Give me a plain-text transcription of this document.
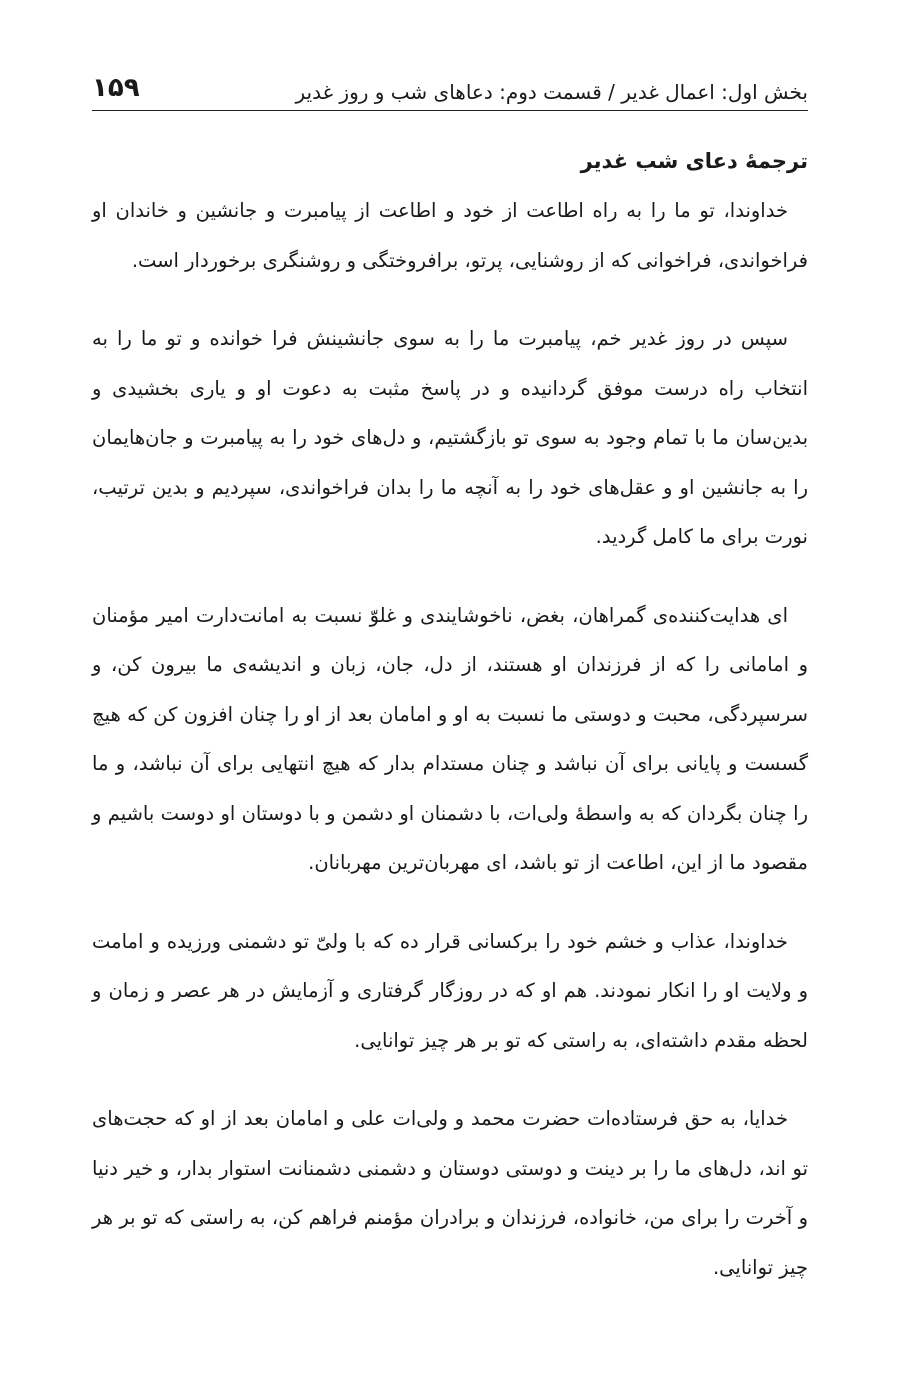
بخش اول: اعمال غدیر / قسمت دوم: دعاهای شب و روز غدیر
۱۵۹
ترجمهٔ دعای شب غدیر

خداوندا، تو ما را به راه اطاعت از خود و اطاعت از پیامبرت و جانشین و خاندان او فراخواندی، فراخوانی که از روشنایی، پرتو، برافروختگی و روشنگری برخوردار است.

سپس در روز غدیر خم، پیامبرت ما را به سوی جانشینش فرا خوانده و تو ما را به انتخاب راه درست موفق گردانیده و در پاسخ مثبت به دعوت او و یاری بخشیدی و بدین‌سان ما با تمام وجود به سوی تو بازگشتیم، و دل‌های خود را به پیامبرت و جان‌هایمان را به جانشین او و عقل‌های خود را به آنچه ما را بدان فراخواندی، سپردیم و بدین ترتیب، نورت برای ما کامل گردید.

ای هدایت‌کننده‌ی گمراهان، بغض، ناخوشایندی و غلوّ نسبت به امانت‌دارت امیر مؤمنان و امامانی را که از فرزندان او هستند، از دل، جان، زبان و اندیشه‌ی ما بیرون کن، و سرسپردگی، محبت و دوستی ما نسبت به او و امامان بعد از او را چنان افزون کن که هیچ گسست و پایانی برای آن نباشد و چنان مستدام بدار که هیچ انتهایی برای آن نباشد، و ما را چنان بگردان که به واسطهٔ ولی‌ات، با دشمنان او دشمن و با دوستان او دوست باشیم و مقصود ما از این، اطاعت از تو باشد، ای مهربان‌ترین مهربانان.

خداوندا، عذاب و خشم خود را برکسانی قرار ده که با ولیّ تو دشمنی ورزیده و امامت و ولایت او را انکار نمودند. هم او که در روزگار گرفتاری و آزمایش در هر عصر و زمان و لحظه مقدم داشته‌ای، به راستی که تو بر هر چیز توانایی.

خدایا، به حق فرستاده‌ات حضرت محمد و ولی‌ات علی و امامان بعد از او که حجت‌های تو اند، دل‌های ما را بر دینت و دوستی دوستان و دشمنی دشمنانت استوار بدار، و خیر دنیا و آخرت را برای من، خانواده، فرزندان و برادران مؤمنم فراهم کن، به راستی که تو بر هر چیز توانایی.
